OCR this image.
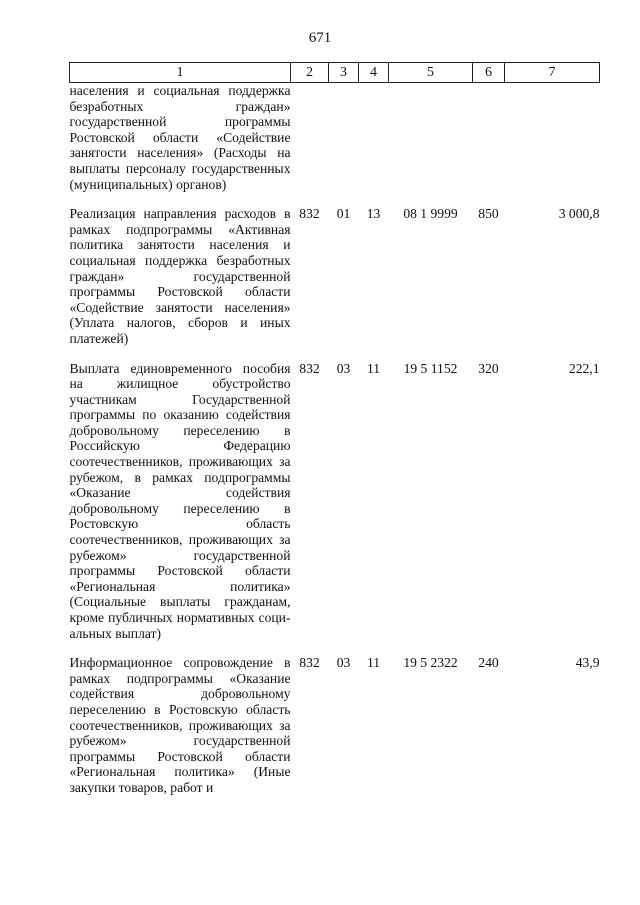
671
1	2	3	4	5	6	7
населения и социальная поддержка безработных граждан» государственной программы Ростовской области «Содействие занятости населения» (Расходы на выплаты персоналу государственных (муниципальных) органов)						
Реализация направления расходов в рамках подпрограммы «Активная политика занятости населения и социальная поддержка безработных граждан» государственной программы Ростовской области «Содействие занятости населения» (Уплата налогов, сборов и иных платежей)	832	01	13	08 1 9999	850	3 000,8
Выплата единовременного пособия на жилищное обустройство участникам Государственной программы по оказанию содействия добровольному переселению в Российскую Федерацию соотечественников, проживающих за рубежом, в рамках подпрограммы «Оказание содействия добровольному переселению в Ростовскую область соотечественников, проживающих за рубежом» государственной программы Ростовской области «Региональная политика» (Социальные выплаты гражданам, кроме публичных нормативных социальных выплат)	832	03	11	19 5 1152	320	222,1
Информационное сопровождение в рамках подпрограммы «Оказание содействия добровольному переселению в Ростовскую область соотечественников, проживающих за рубежом» государственной программы Ростовской области «Региональная политика» (Иные закупки товаров, работ и	832	03	11	19 5 2322	240	43,9
